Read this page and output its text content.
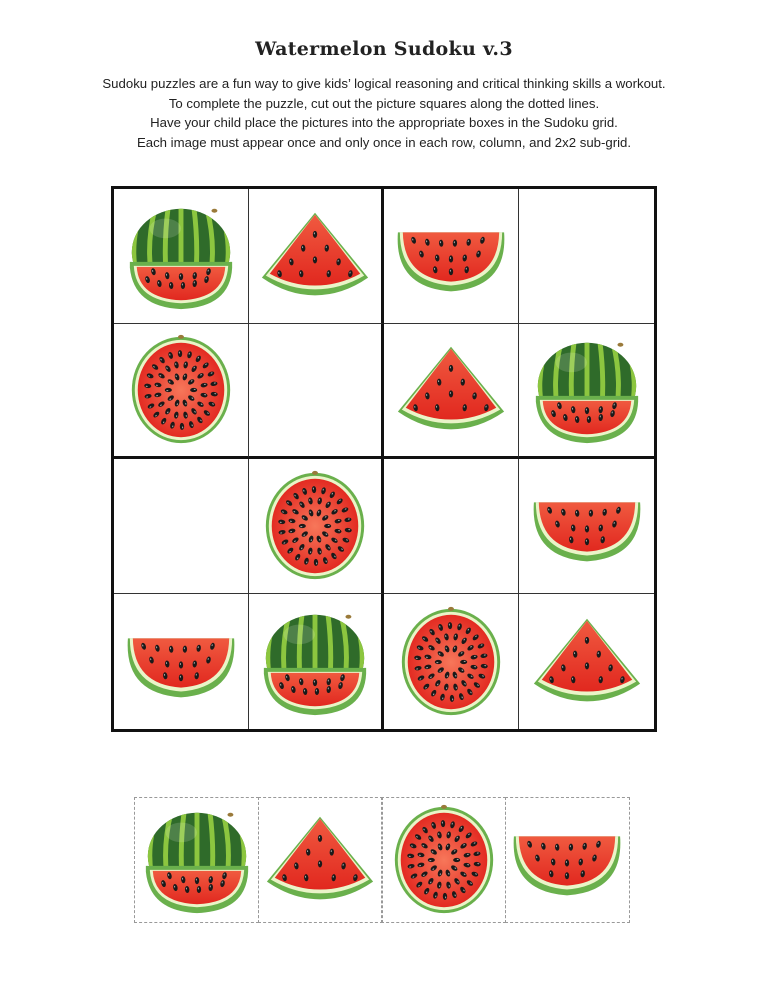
Watermelon Sudoku v.3
Sudoku puzzles are a fun way to give kids’ logical reasoning and critical thinking skills a workout.
To complete the puzzle, cut out the picture squares along the dotted lines.
Have your child place the pictures into the appropriate boxes in the Sudoku grid.
Each image must appear once and only once in each row, column, and 2x2 sub-grid.
